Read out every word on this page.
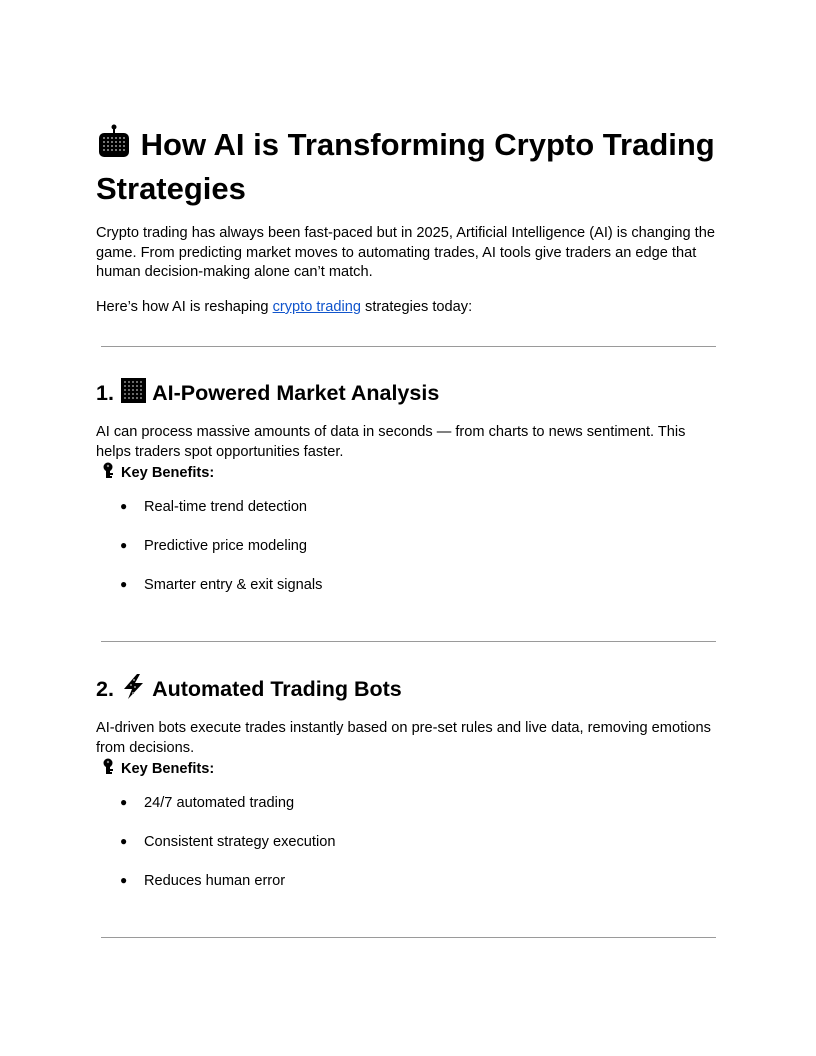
How AI is Transforming Crypto Trading Strategies

Crypto trading has always been fast-paced but in 2025, Artificial Intelligence (AI) is changing the game. From predicting market moves to automating trades, AI tools give traders an edge that human decision-making alone can’t match.

Here’s how AI is reshaping crypto trading strategies today:

1. AI-Powered Market Analysis

AI can process massive amounts of data in seconds — from charts to news sentiment. This helps traders spot opportunities faster.

Key Benefits:
● Real-time trend detection
● Predictive price modeling
● Smarter entry & exit signals
2. Automated Trading Bots

AI-driven bots execute trades instantly based on pre-set rules and live data, removing emotions from decisions.

Key Benefits:
● 24/7 automated trading
● Consistent strategy execution
● Reduces human error
